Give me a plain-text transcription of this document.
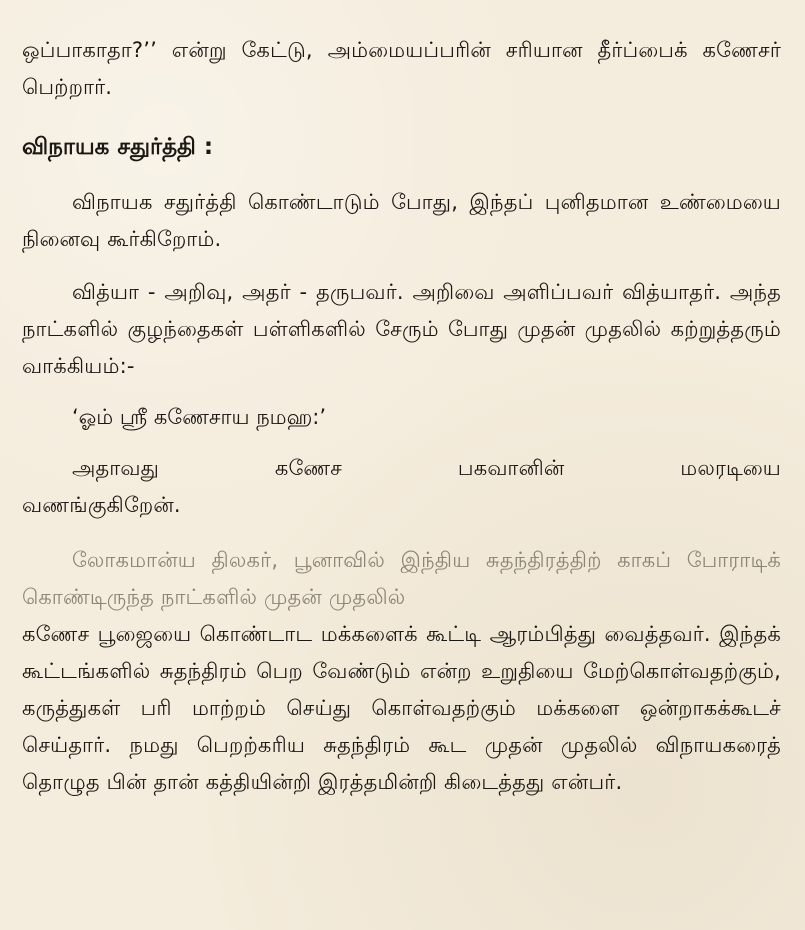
ஒப்பாகாதா?’’ என்று கேட்டு, அம்மையப்பரின் சரியான தீர்ப்பைக் கணேசர் பெற்றார்.

விநாயக சதுர்த்தி :

விநாயக சதுர்த்தி கொண்டாடும் போது, இந்தப் புனிதமான உண்மையை நினைவு கூர்கிறோம்.

வித்யா - அறிவு, அதர் - தருபவர். அறிவை அளிப்பவர் வித்யாதர். அந்த நாட்களில் குழந்தைகள் பள்ளிகளில் சேரும் போது முதன் முதலில் கற்றுத்தரும் வாக்கியம்:-

‘ஓம் ஸ்ரீ கணேசாய நமஹ:’

அதாவது கணேச பகவானின் மலரடியை

வணங்குகிறேன்.

லோகமான்ய திலகர், பூனாவில் இந்திய சுதந்திரத்திற் காகப் போராடிக் கொண்டிருந்த நாட்களில் முதன் முதலில்

கணேச பூஜையை கொண்டாட மக்களைக் கூட்டி ஆரம்பித்து வைத்தவர். இந்தக் கூட்டங்களில் சுதந்திரம் பெற வேண்டும் என்ற உறுதியை மேற்கொள்வதற்கும், கருத்துகள் பரி மாற்றம் செய்து கொள்வதற்கும் மக்களை ஒன்றாகக்கூடச் செய்தார். நமது பெறற்கரிய சுதந்திரம் கூட முதன் முதலில் விநாயகரைத் தொழுத பின் தான் கத்தியின்றி இரத்தமின்றி கிடைத்தது என்பர்.
